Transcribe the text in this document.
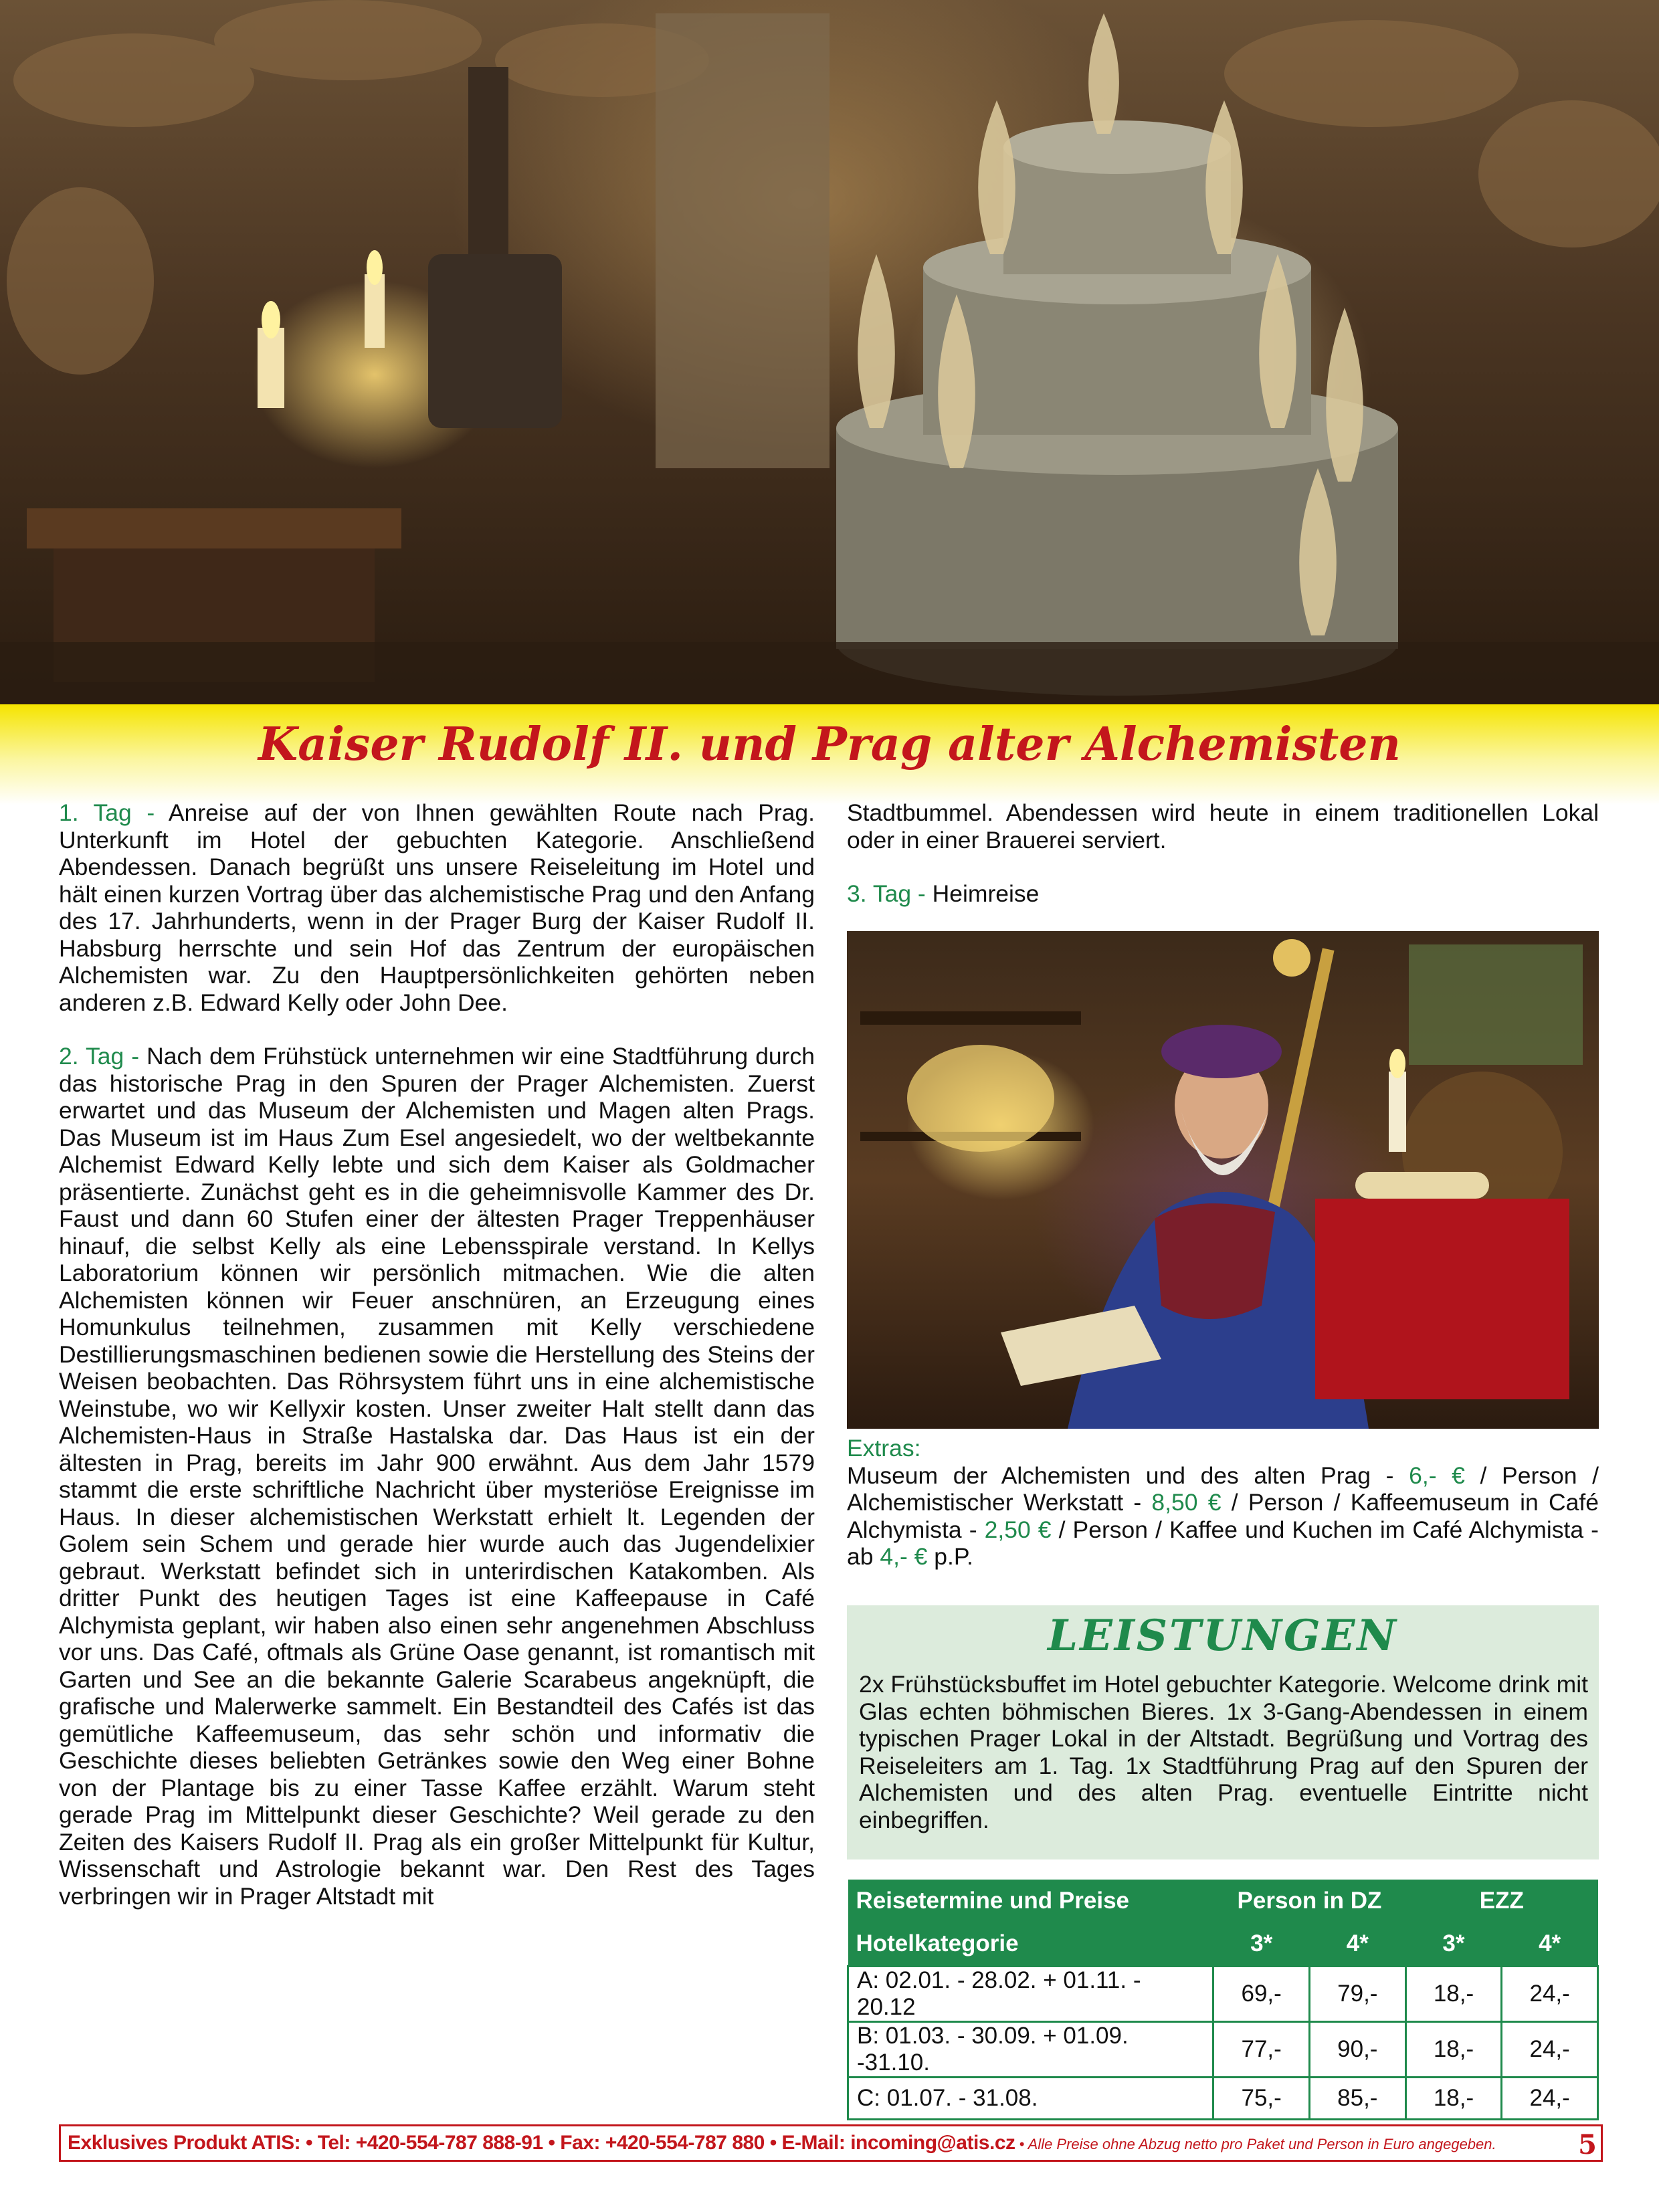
Kaiser Rudolf II. und Prag alter Alchemisten

1. Tag - Anreise auf der von Ihnen gewählten Route nach Prag. Unterkunft im Hotel der gebuchten Kategorie. Anschließend Abendessen. Danach begrüßt uns unsere Reiseleitung im Hotel und hält einen kurzen Vortrag über das alchemistische Prag und den Anfang des 17. Jahrhunderts, wenn in der Prager Burg der Kaiser Rudolf II. Habsburg herrschte und sein Hof das Zentrum der europäischen Alchemisten war. Zu den Hauptpersönlichkeiten gehörten neben anderen z.B. Edward Kelly oder John Dee.

2. Tag - Nach dem Frühstück unternehmen wir eine Stadtführung durch das historische Prag in den Spuren der Prager Alchemisten. Zuerst erwartet und das Museum der Alchemisten und Magen alten Prags. Das Museum ist im Haus Zum Esel angesiedelt, wo der weltbekannte Alchemist Edward Kelly lebte und sich dem Kaiser als Goldmacher präsentierte. Zunächst geht es in die geheimnisvolle Kammer des Dr. Faust und dann 60 Stufen einer der ältesten Prager Treppenhäuser hinauf, die selbst Kelly als eine Lebensspirale verstand. In Kellys Laboratorium können wir persönlich mitmachen. Wie die alten Alchemisten können wir Feuer anschnüren, an Erzeugung eines Homunkulus teilnehmen, zusammen mit Kelly verschiedene Destillierungsmaschinen bedienen sowie die Herstellung des Steins der Weisen beobachten. Das Röhrsystem führt uns in eine alchemistische Weinstube, wo wir Kellyxir kosten. Unser zweiter Halt stellt dann das Alchemisten-Haus in Straße Hastalska dar. Das Haus ist ein der ältesten in Prag, bereits im Jahr 900 erwähnt. Aus dem Jahr 1579 stammt die erste schriftliche Nachricht über mysteriöse Ereignisse im Haus. In dieser alchemistischen Werkstatt erhielt lt. Legenden der Golem sein Schem und gerade hier wurde auch das Jugendelixier gebraut. Werkstatt befindet sich in unterirdischen Katakomben. Als dritter Punkt des heutigen Tages ist eine Kaffeepause in Café Alchymista geplant, wir haben also einen sehr angenehmen Abschluss vor uns. Das Café, oftmals als Grüne Oase genannt, ist romantisch mit Garten und See an die bekannte Galerie Scarabeus angeknüpft, die grafische und Malerwerke sammelt. Ein Bestandteil des Cafés ist das gemütliche Kaffeemuseum, das sehr schön und informativ die Geschichte dieses beliebten Getränkes sowie den Weg einer Bohne von der Plantage bis zu einer Tasse Kaffee erzählt. Warum steht gerade Prag im Mittelpunkt dieser Geschichte? Weil gerade zu den Zeiten des Kaisers Rudolf II. Prag als ein großer Mittelpunkt für Kultur, Wissenschaft und Astrologie bekannt war. Den Rest des Tages verbringen wir in Prager Altstadt mit

Stadtbummel. Abendessen wird heute in einem traditionellen Lokal oder in einer Brauerei serviert.

3. Tag - Heimreise

Extras:
Museum der Alchemisten und des alten Prag - 6,- € / Person / Alchemistischer Werkstatt - 8,50 € / Person / Kaffeemuseum in Café Alchymista - 2,50 € / Person / Kaffee und Kuchen im Café Alchymista - ab 4,- € p.P.
LEISTUNGEN
2x Frühstücksbuffet im Hotel gebuchter Kategorie. Welcome drink mit Glas echten böhmischen Bieres. 1x 3-Gang-Abendessen in einem typischen Prager Lokal in der Altstadt. Begrüßung und Vortrag des Reiseleiters am 1. Tag. 1x Stadtführung Prag auf den Spuren der Alchemisten und des alten Prag. eventuelle Eintritte nicht einbegriffen.
Reisetermine und Preise	Person in DZ		EZZ	
Hotelkategorie	3*	4*	3*	4*
A: 02.01. - 28.02. + 01.11. - 20.12	69,-	79,-	18,-	24,-
B: 01.03. - 30.09. + 01.09. -31.10.	77,-	90,-	18,-	24,-
C: 01.07. - 31.08.	75,-	85,-	18,-	24,-
Exklusives Produkt ATIS: • Tel: +420-554-787 888-91 • Fax: +420-554-787 880 • E-Mail: incoming@atis.cz • Alle Preise ohne Abzug netto pro Paket und Person in Euro angegeben.	5
